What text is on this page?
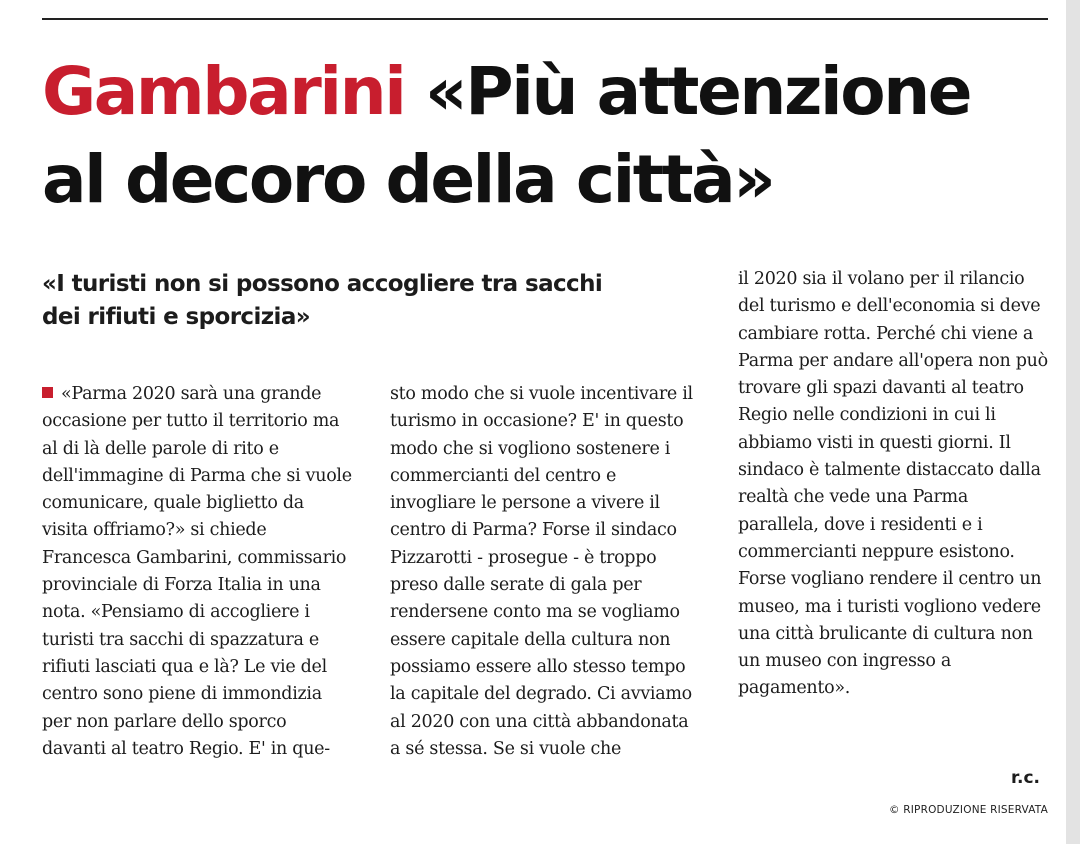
Gambarini «Più attenzione al decoro della città»

«I turisti non si possono accogliere tra sacchi dei rifiuti e sporcizia»

«Parma 2020 sarà una grande occasione per tutto il territorio ma al di là delle parole di rito e dell'immagine di Parma che si vuole comunicare, quale biglietto da visita offriamo?» si chiede Francesca Gambarini, commissario provinciale di Forza Italia in una nota. «Pensiamo di accogliere i turisti tra sacchi di spazzatura e rifiuti lasciati qua e là? Le vie del centro sono piene di immondizia per non parlare dello sporco davanti al teatro Regio. E' in que-

sto modo che si vuole incentivare il turismo in occasione? E' in questo modo che si vogliono sostenere i commercianti del centro e invogliare le persone a vivere il centro di Parma? Forse il sindaco Pizzarotti - prosegue - è troppo preso dalle serate di gala per rendersene conto ma se vogliamo essere capitale della cultura non possiamo essere allo stesso tempo la capitale del degrado. Ci avviamo al 2020 con una città abbandonata a sé stessa. Se si vuole che

il 2020 sia il volano per il rilancio del turismo e dell'economia si deve cambiare rotta. Perché chi viene a Parma per andare all'opera non può trovare gli spazi davanti al teatro Regio nelle condizioni in cui li abbiamo visti in questi giorni. Il sindaco è talmente distaccato dalla realtà che vede una Parma parallela, dove i residenti e i commercianti neppure esistono. Forse vogliano rendere il centro un museo, ma i turisti vogliono vedere una città brulicante di cultura non un museo con ingresso a pagamento».

r.c.
© RIPRODUZIONE RISERVATA
